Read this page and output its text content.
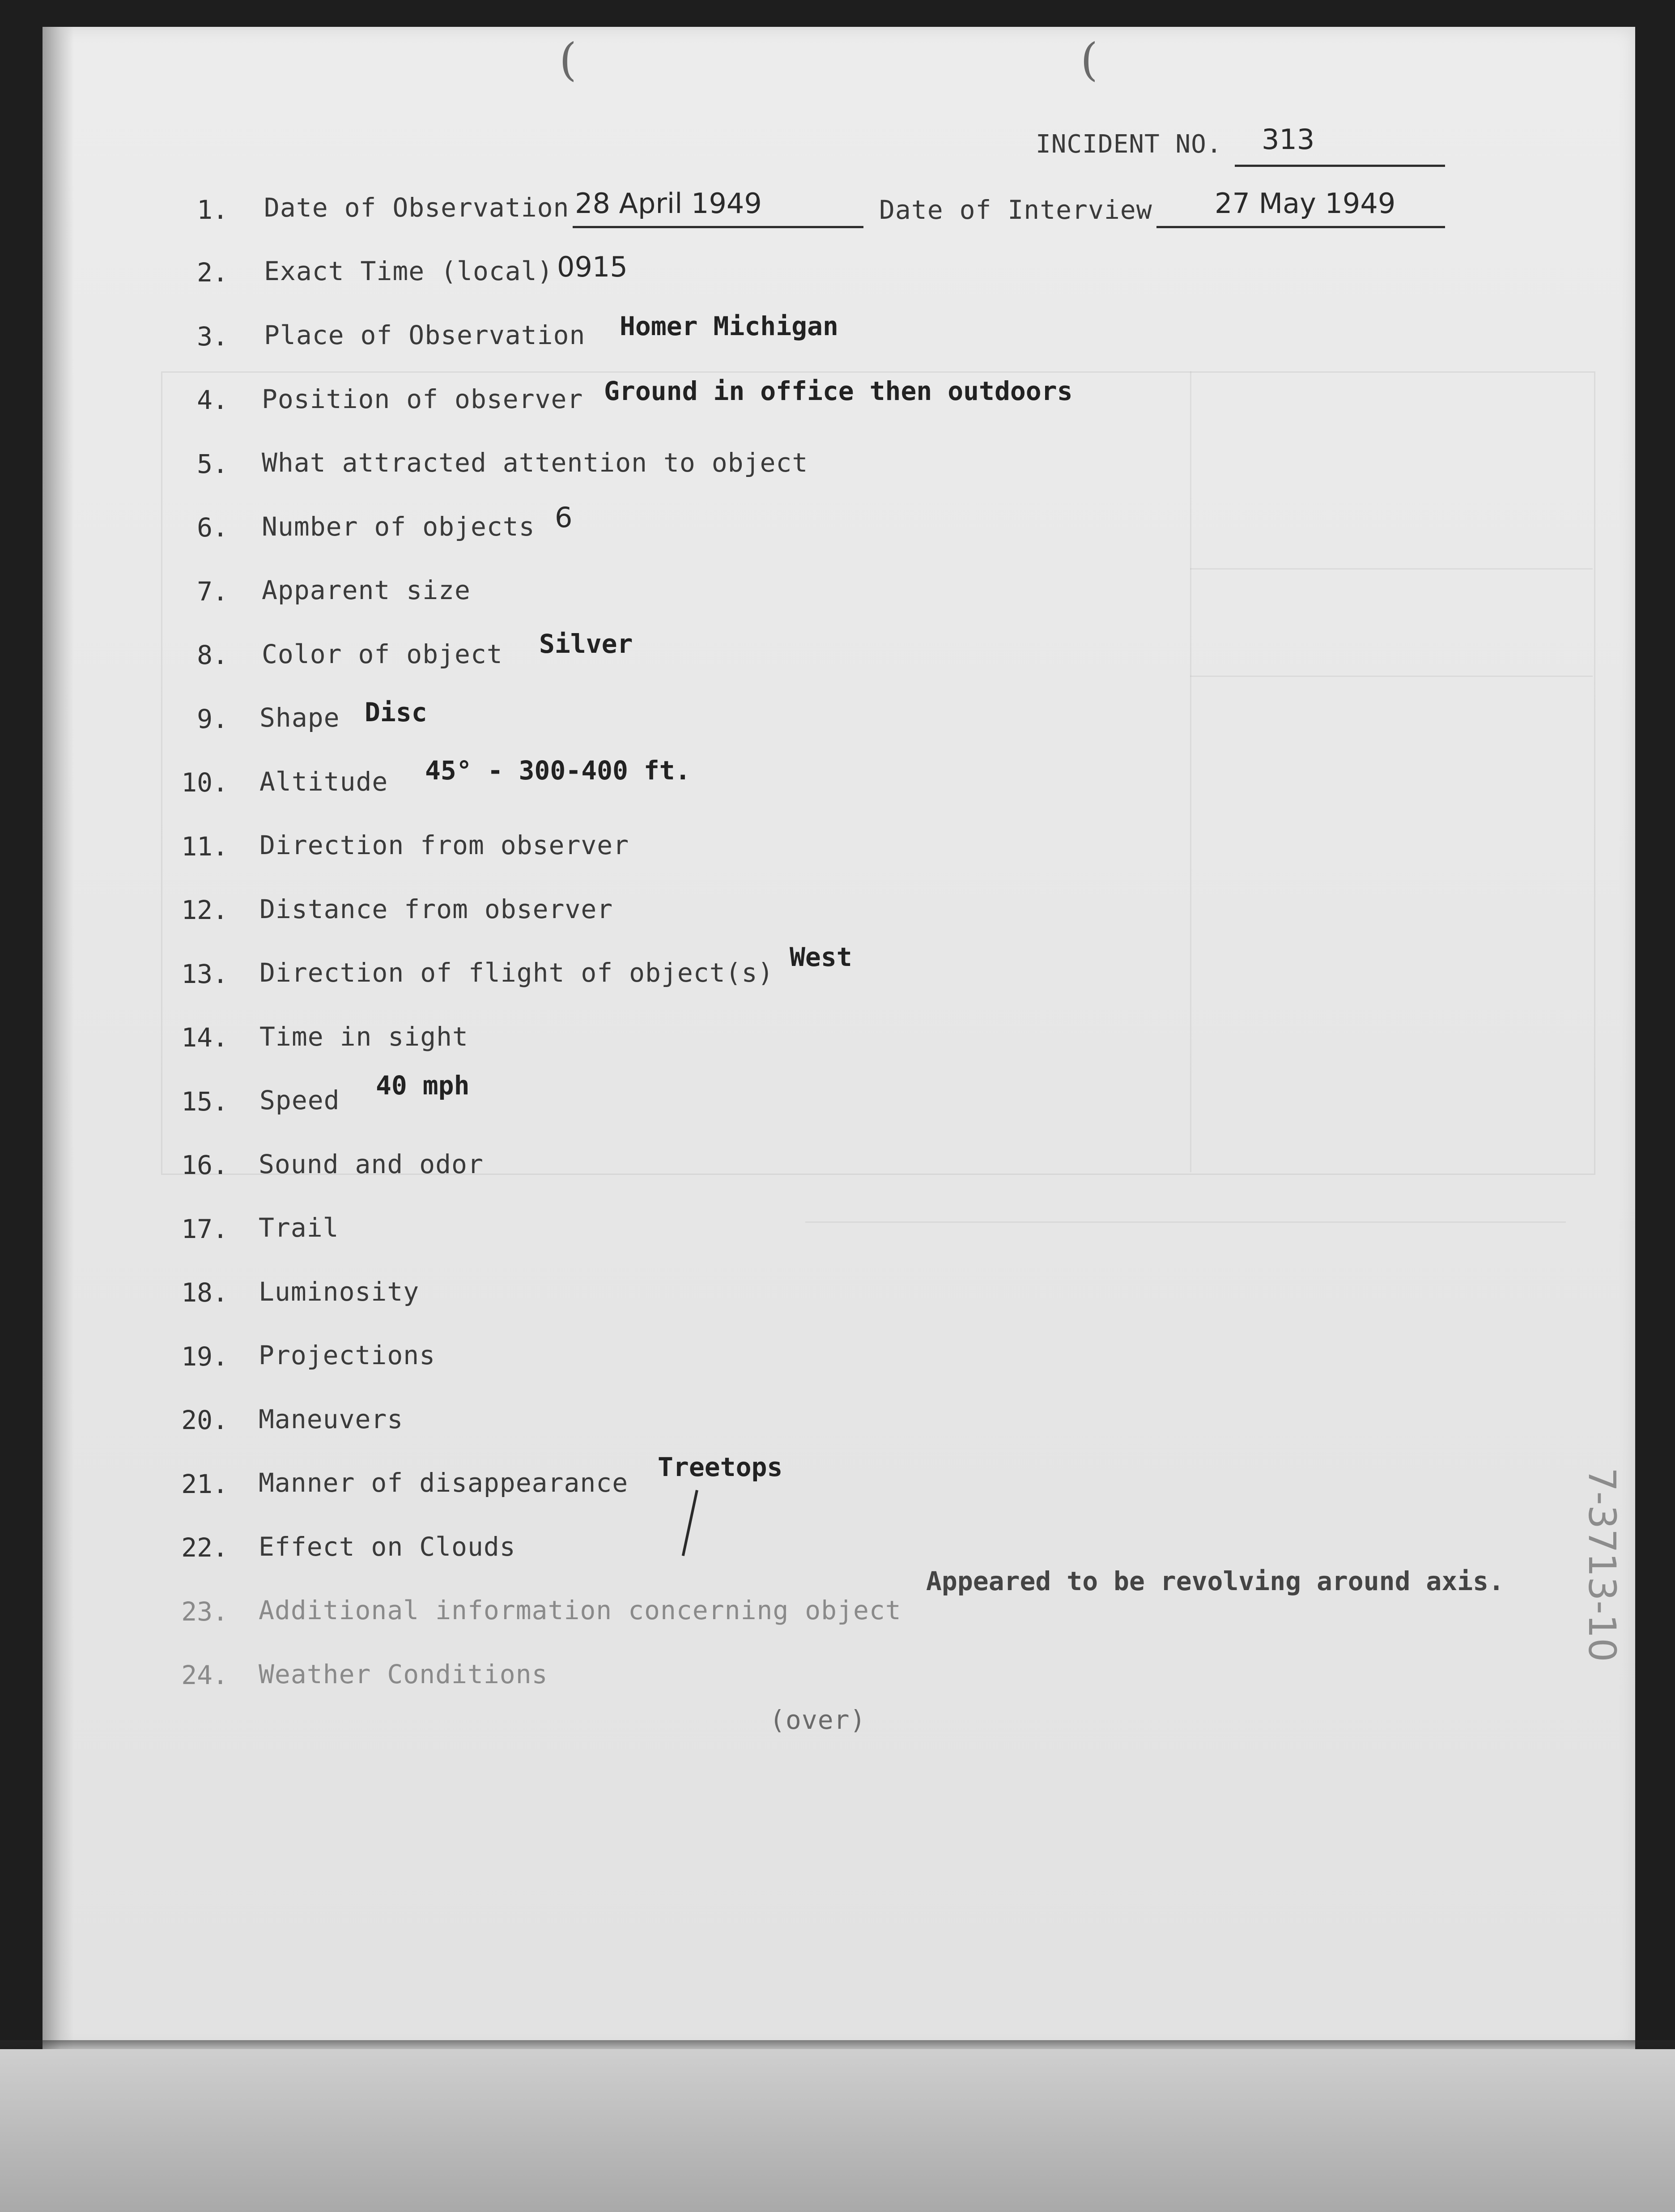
(	(
INCIDENT NO. 313
1. Date of Observation 28 April 1949	Date of Interview 27 May 1949
2. Exact Time (local) 0915
3. Place of Observation Homer Michigan
4. Position of observer Ground in office then outdoors
5. What attracted attention to object
6. Number of objects 6
7. Apparent size
8. Color of object Silver
9. Shape Disc
10. Altitude 45° - 300-400 ft.
11. Direction from observer
12. Distance from observer
13. Direction of flight of object(s)
West
14. Time in sight
15. Speed 40 mph
16. Sound and odor
17. Trail
18. Luminosity
19. Projections
20. Maneuvers
21. Manner of disappearance
Treetops
22. Effect on Clouds
23. Additional information concerning object
Appeared to be revolving around axis.
24. Weather Conditions
(over)
7-3713-10
